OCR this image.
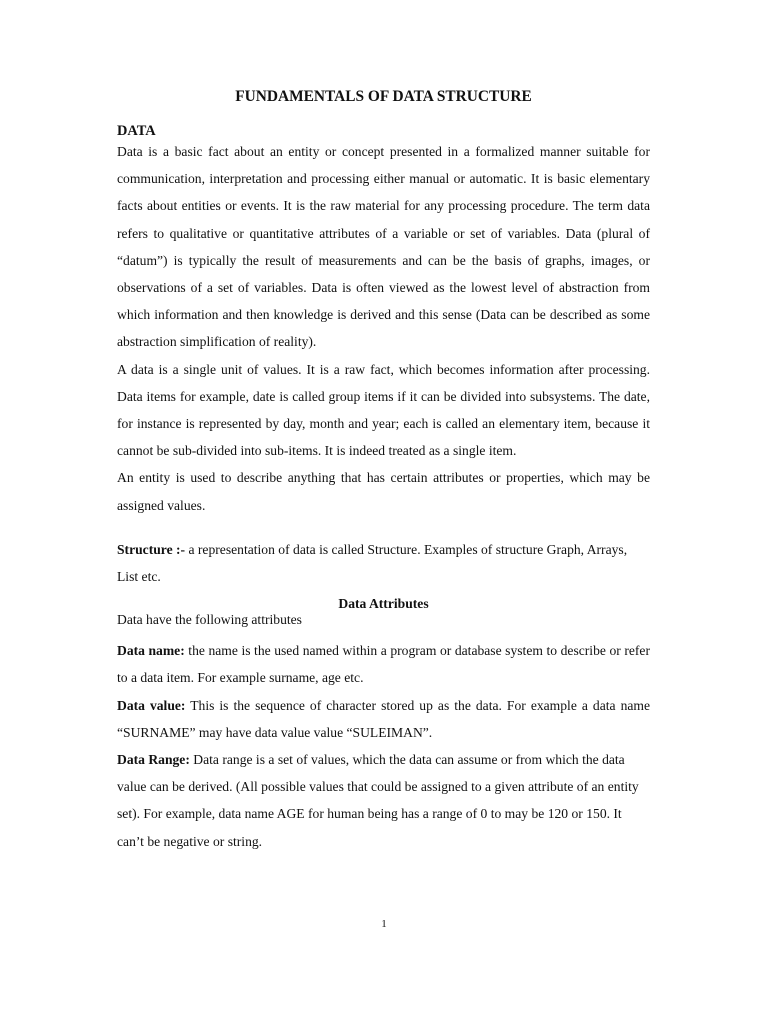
FUNDAMENTALS OF DATA STRUCTURE
DATA

Data is a basic fact about an entity or concept presented in a formalized manner suitable for communication, interpretation and processing either manual or automatic. It is basic elementary facts about entities or events. It is the raw material for any processing procedure. The term data refers to qualitative or quantitative attributes of a variable or set of variables. Data (plural of “datum”) is typically the result of measurements and can be the basis of graphs, images, or observations of a set of variables. Data is often viewed as the lowest level of abstraction from which information and then knowledge is derived and this sense (Data can be described as some abstraction simplification of reality).

A data is a single unit of values. It is a raw fact, which becomes information after processing. Data items for example, date is called group items if it can be divided into subsystems. The date, for instance is represented by day, month and year; each is called an elementary item, because it cannot be sub-divided into sub-items. It is indeed treated as a single item.

An entity is used to describe anything that has certain attributes or properties, which may be assigned values.

Structure :- a representation of data is called Structure. Examples of structure Graph, Arrays, List etc.

Data Attributes

Data have the following attributes

Data name: the name is the used named within a program or database system to describe or refer to a data item. For example surname, age etc.

Data value: This is the sequence of character stored up as the data. For example a data name “SURNAME” may have data value value “SULEIMAN”.

Data Range: Data range is a set of values, which the data can assume or from which the data value can be derived. (All possible values that could be assigned to a given attribute of an entity set). For example, data name AGE for human being has a range of 0 to may be 120 or 150. It can’t be negative or string.

1
